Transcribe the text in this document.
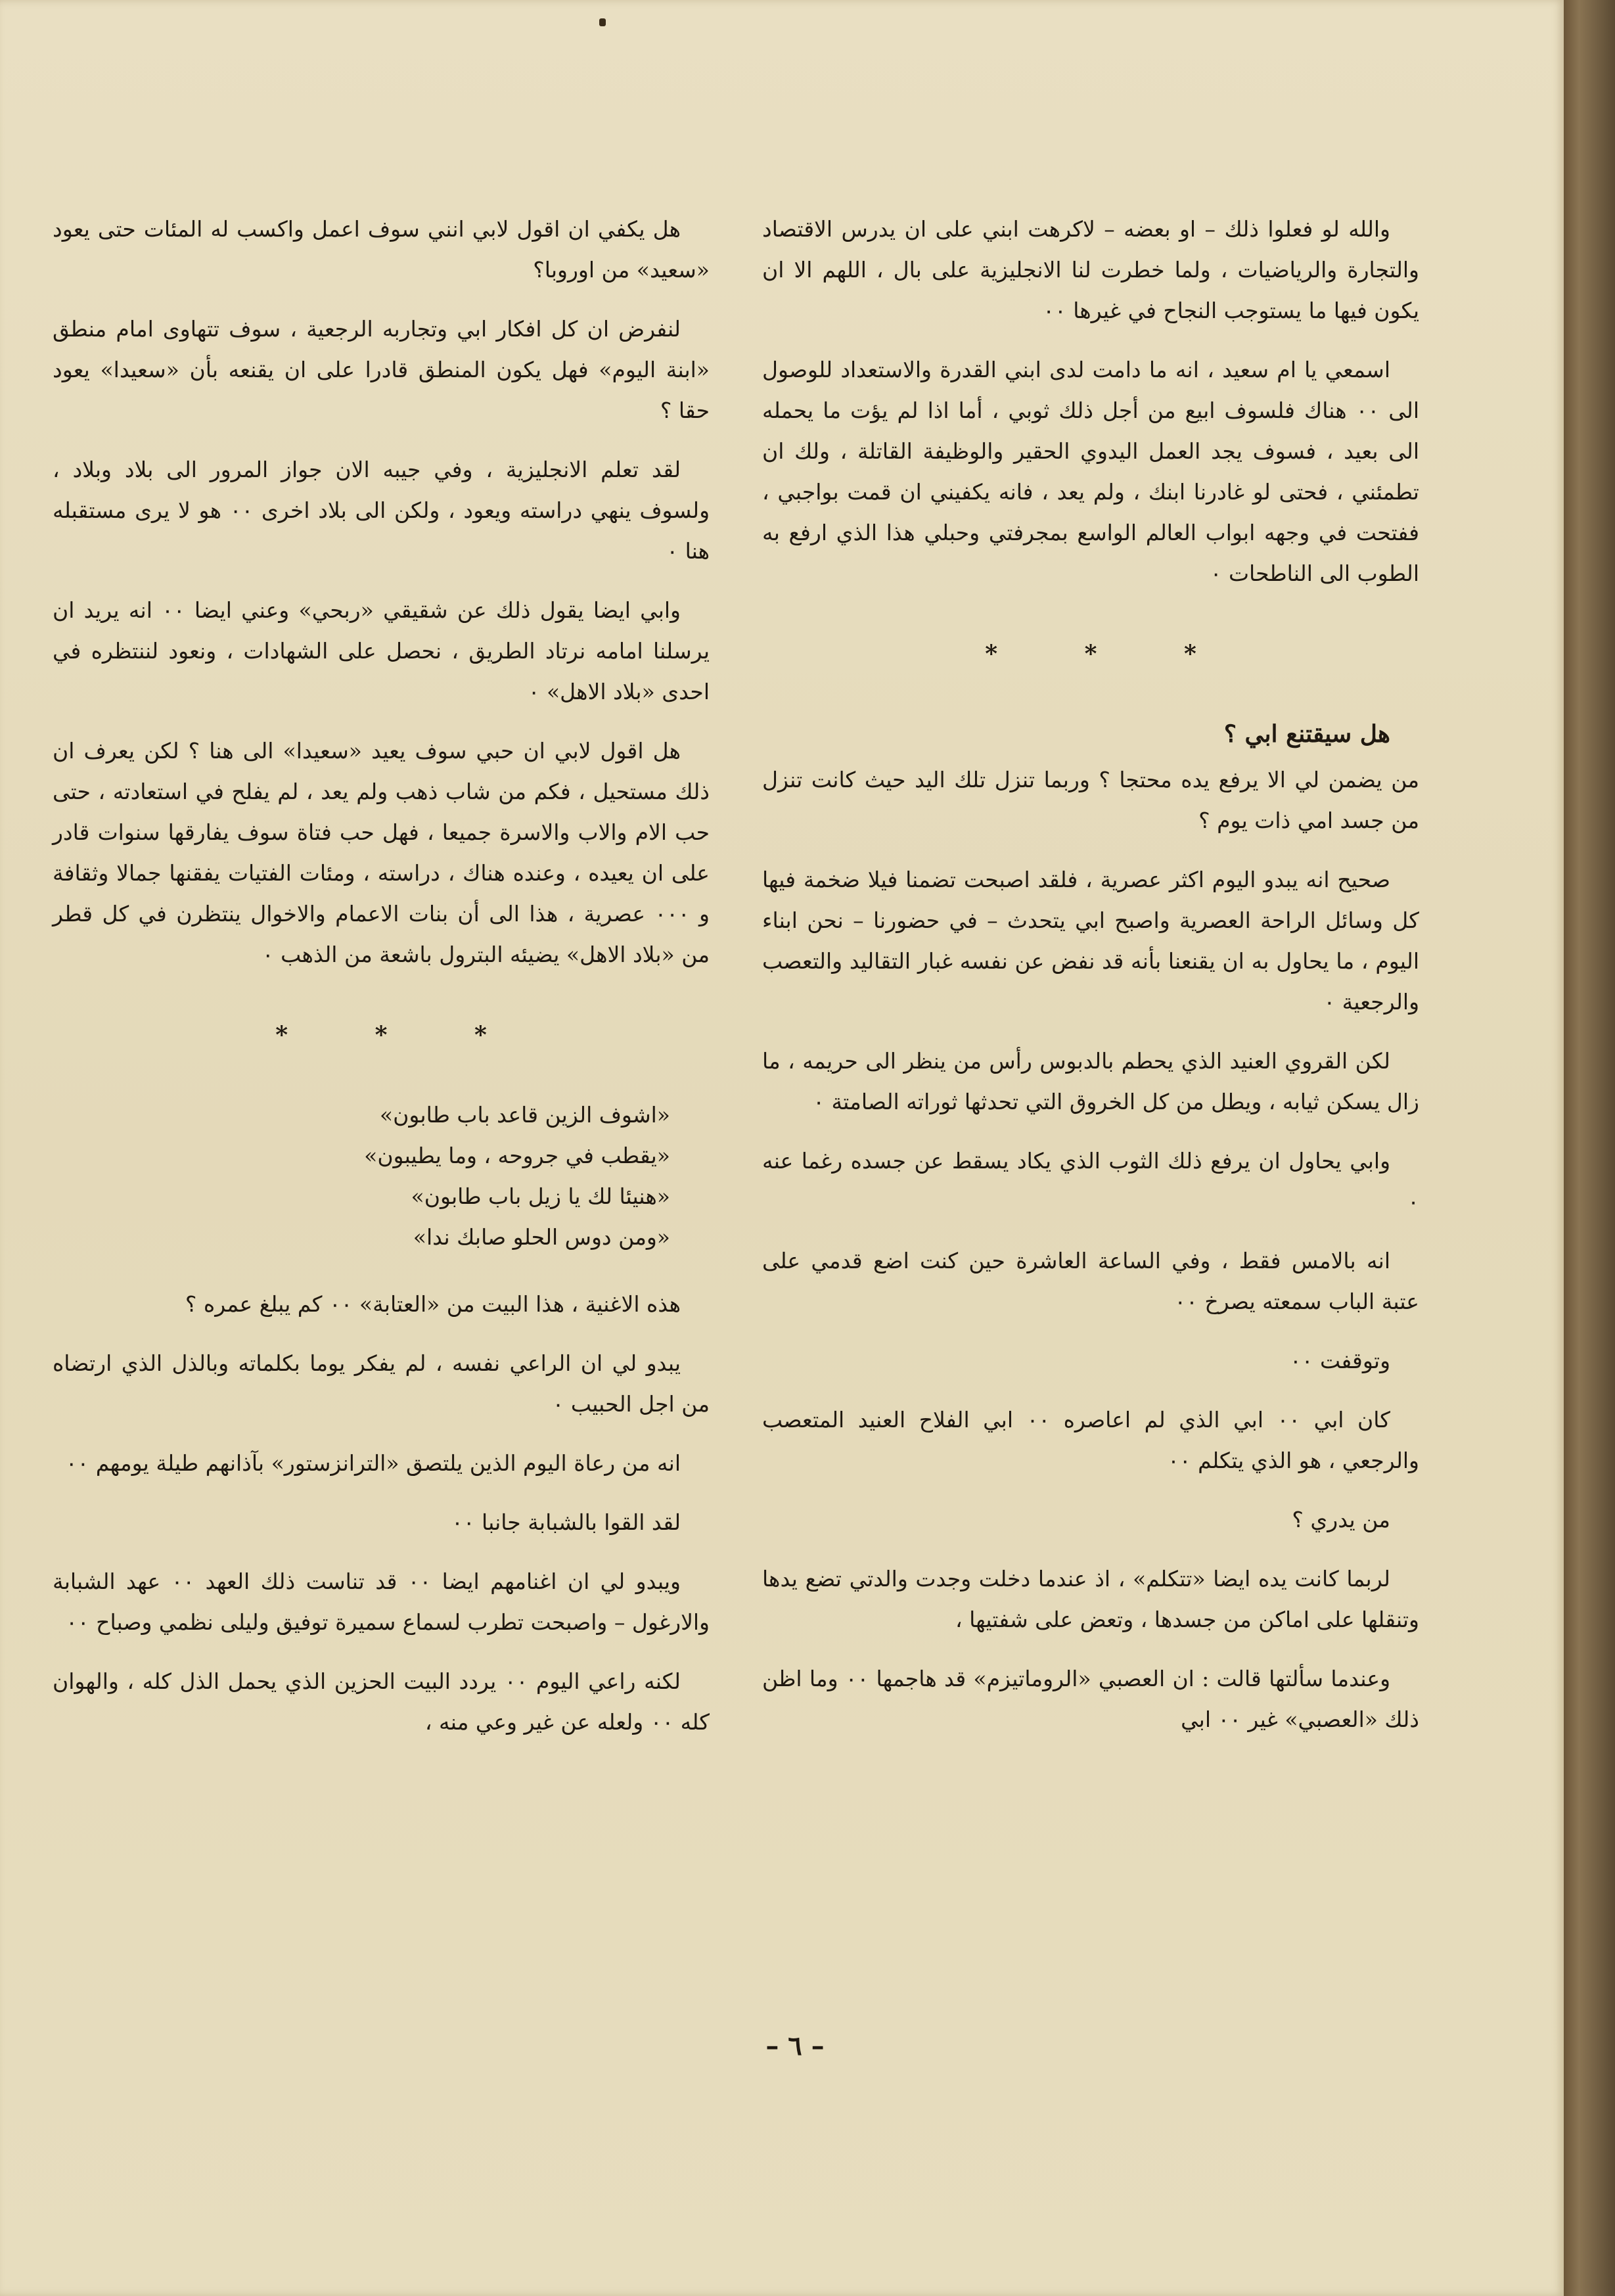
والله لو فعلوا ذلك – او بعضه – لاكرهت ابني على ان يدرس الاقتصاد والتجارة والرياضيات ، ولما خطرت لنا الانجليزية على بال ، اللهم الا ان يكون فيها ما يستوجب النجاح في غيرها ٠٠

اسمعي يا ام سعيد ، انه ما دامت لدى ابني القدرة والاستعداد للوصول الى ٠٠ هناك فلسوف ابيع من أجل ذلك ثوبي ، أما اذا لم يؤت ما يحمله الى بعيد ، فسوف يجد العمل اليدوي الحقير والوظيفة القاتلة ، ولك ان تطمئني ، فحتى لو غادرنا ابنك ، ولم يعد ، فانه يكفيني ان قمت بواجبي ، ففتحت في وجهه ابواب العالم الواسع بمجرفتي وحبلي هذا الذي ارفع به الطوب الى الناطحات ٠

* * *
هل سيقتنع ابي ؟

من يضمن لي الا يرفع يده محتجا ؟ وربما تنزل تلك اليد حيث كانت تنزل من جسد امي ذات يوم ؟

صحيح انه يبدو اليوم اكثر عصرية ، فلقد اصبحت تضمنا فيلا ضخمة فيها كل وسائل الراحة العصرية واصبح ابي يتحدث – في حضورنا – نحن ابناء اليوم ، ما يحاول به ان يقنعنا بأنه قد نفض عن نفسه غبار التقاليد والتعصب والرجعية ٠

لكن القروي العنيد الذي يحطم بالدبوس رأس من ينظر الى حريمه ، ما زال يسكن ثيابه ، ويطل من كل الخروق التي تحدثها ثوراته الصامتة ٠

وابي يحاول ان يرفع ذلك الثوب الذي يكاد يسقط عن جسده رغما عنه ٠

انه بالامس فقط ، وفي الساعة العاشرة حين كنت اضع قدمي على عتبة الباب سمعته يصرخ ٠٠

وتوقفت ٠٠

كان ابي ٠٠ ابي الذي لم اعاصره ٠٠ ابي الفلاح العنيد المتعصب والرجعي ، هو الذي يتكلم ٠٠

من يدري ؟

لربما كانت يده ايضا «تتكلم» ، اذ عندما دخلت وجدت والدتي تضع يدها وتنقلها على اماكن من جسدها ، وتعض على شفتيها ،

وعندما سألتها قالت : ان العصبي «الروماتيزم» قد هاجمها ٠٠ وما اظن ذلك «العصبي» غير ٠٠ ابي

هل يكفي ان اقول لابي انني سوف اعمل واكسب له المئات حتى يعود «سعيد» من اوروبا؟

لنفرض ان كل افكار ابي وتجاربه الرجعية ، سوف تتهاوى امام منطق «ابنة اليوم» فهل يكون المنطق قادرا على ان يقنعه بأن «سعيدا» يعود حقا ؟

لقد تعلم الانجليزية ، وفي جيبه الان جواز المرور الى بلاد وبلاد ، ولسوف ينهي دراسته ويعود ، ولكن الى بلاد اخرى ٠٠ هو لا يرى مستقبله هنا ٠

وابي ايضا يقول ذلك عن شقيقي «ربحي» وعني ايضا ٠٠ انه يريد ان يرسلنا امامه نرتاد الطريق ، نحصل على الشهادات ، ونعود لننتظره في احدى «بلاد الاهل» ٠

هل اقول لابي ان حبي سوف يعيد «سعيدا» الى هنا ؟ لكن يعرف ان ذلك مستحيل ، فكم من شاب ذهب ولم يعد ، لم يفلح في استعادته ، حتى حب الام والاب والاسرة جميعا ، فهل حب فتاة سوف يفارقها سنوات قادر على ان يعيده ، وعنده هناك ، دراسته ، ومئات الفتيات يفقنها جمالا وثقافة و ٠٠٠ عصرية ، هذا الى أن بنات الاعمام والاخوال ينتظرن في كل قطر من «بلاد الاهل» يضيئه البترول باشعة من الذهب ٠

* * *

«اشوف الزين قاعد باب طابون»

«يقطب في جروحه ، وما يطيبون»

«هنيئا لك يا زيل باب طابون»

«ومن دوس الحلو صابك ندا»

هذه الاغنية ، هذا البيت من «العتابة» ٠٠ كم يبلغ عمره ؟

يبدو لي ان الراعي نفسه ، لم يفكر يوما بكلماته وبالذل الذي ارتضاه من اجل الحبيب ٠

انه من رعاة اليوم الذين يلتصق «الترانزستور» بآذانهم طيلة يومهم ٠٠

لقد القوا بالشبابة جانبا ٠٠

ويبدو لي ان اغنامهم ايضا ٠٠ قد تناست ذلك العهد ٠٠ عهد الشبابة والارغول – واصبحت تطرب لسماع سميرة توفيق وليلى نظمي وصباح ٠٠

لكنه راعي اليوم ٠٠ يردد البيت الحزين الذي يحمل الذل كله ، والهوان كله ٠٠ ولعله عن غير وعي منه ،

– ٦ –
